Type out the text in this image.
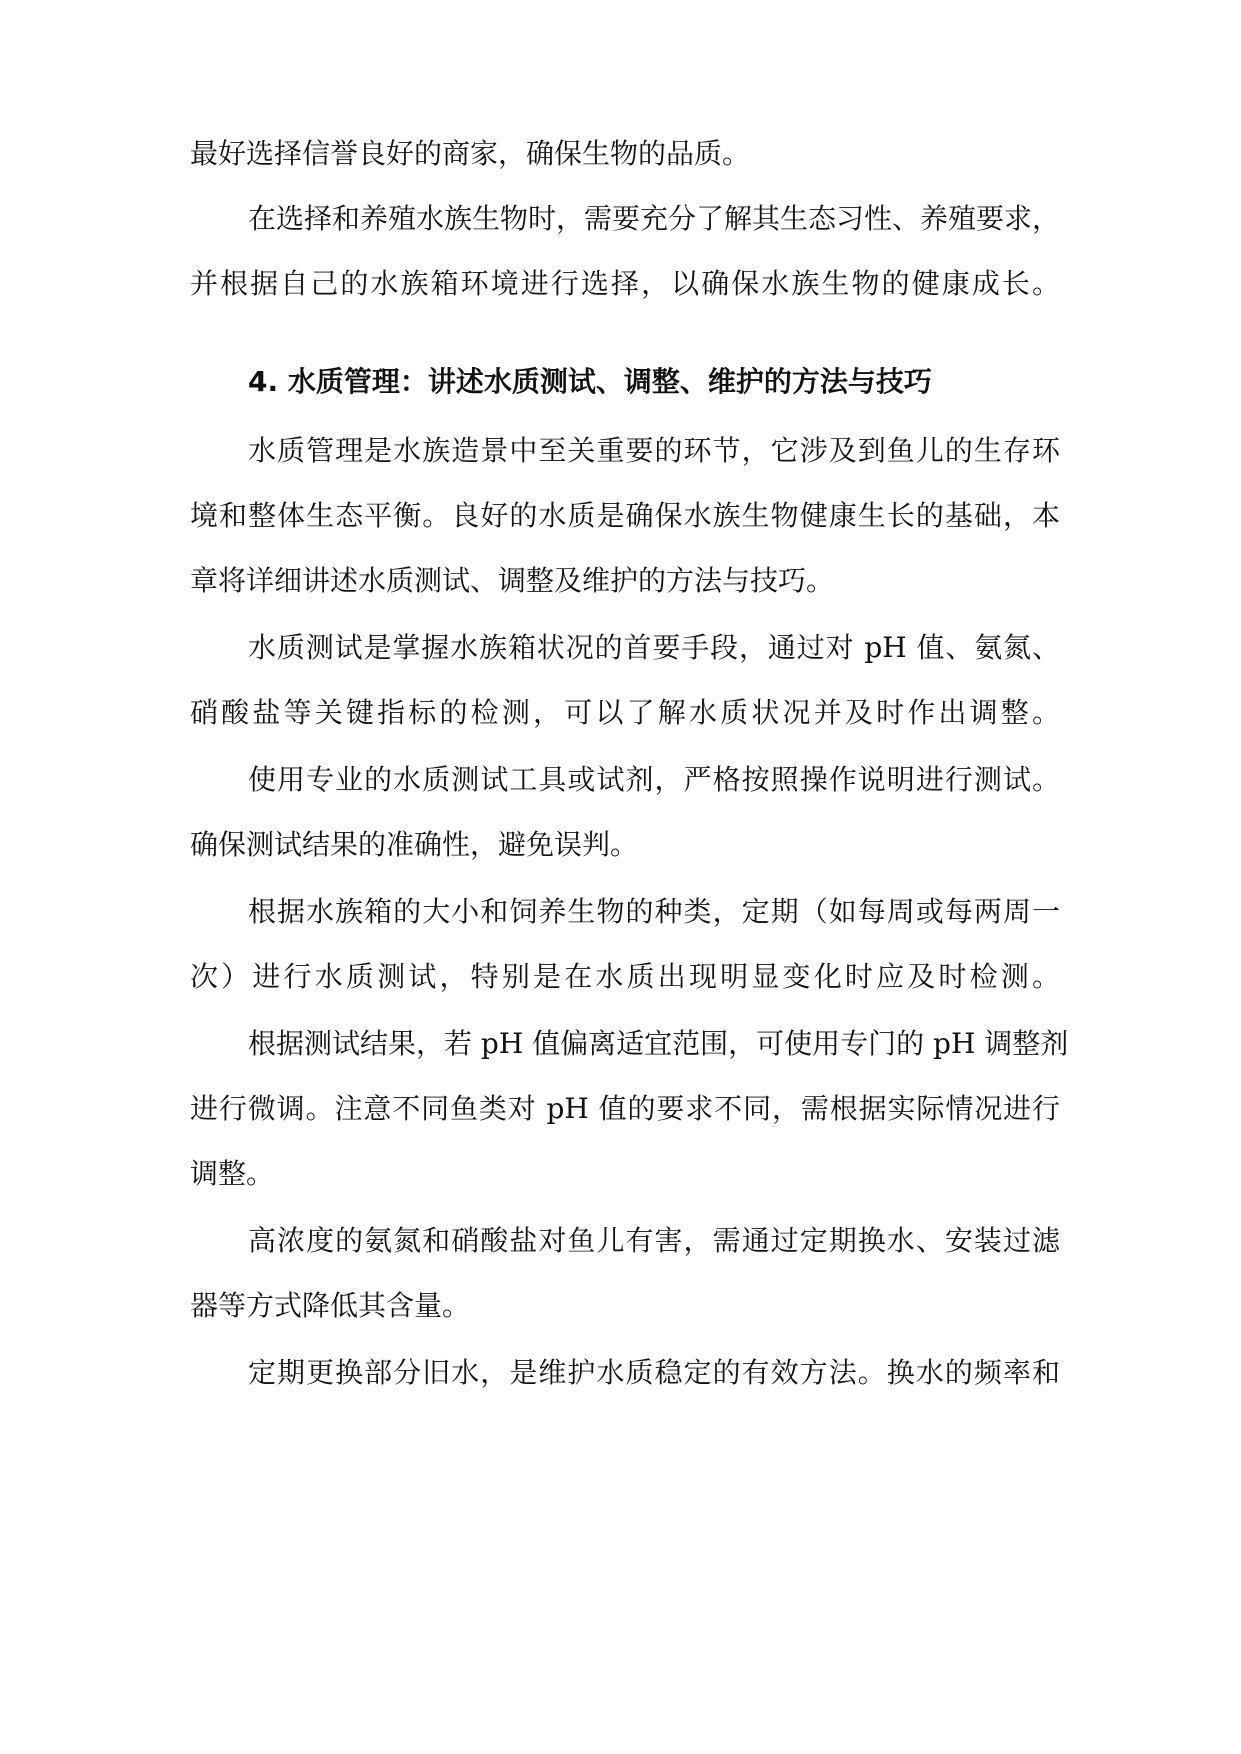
最好选择信誉良好的商家，确保生物的品质。
在选择和养殖水族生物时，需要充分了解其生态习性、养殖要求，
并根据自己的水族箱环境进行选择，以确保水族生物的健康成长。
4. 水质管理：讲述水质测试、调整、维护的方法与技巧
水质管理是水族造景中至关重要的环节，它涉及到鱼儿的生存环
境和整体生态平衡。良好的水质是确保水族生物健康生长的基础，本
章将详细讲述水质测试、调整及维护的方法与技巧。
水质测试是掌握水族箱状况的首要手段，通过对 pH 值、氨氮、
硝酸盐等关键指标的检测，可以了解水质状况并及时作出调整。
使用专业的水质测试工具或试剂，严格按照操作说明进行测试。
确保测试结果的准确性，避免误判。
根据水族箱的大小和饲养生物的种类，定期（如每周或每两周一
次）进行水质测试，特别是在水质出现明显变化时应及时检测。
根据测试结果，若 pH 值偏离适宜范围，可使用专门的 pH 调整剂
进行微调。注意不同鱼类对 pH 值的要求不同，需根据实际情况进行
调整。
高浓度的氨氮和硝酸盐对鱼儿有害，需通过定期换水、安装过滤
器等方式降低其含量。
定期更换部分旧水，是维护水质稳定的有效方法。换水的频率和
